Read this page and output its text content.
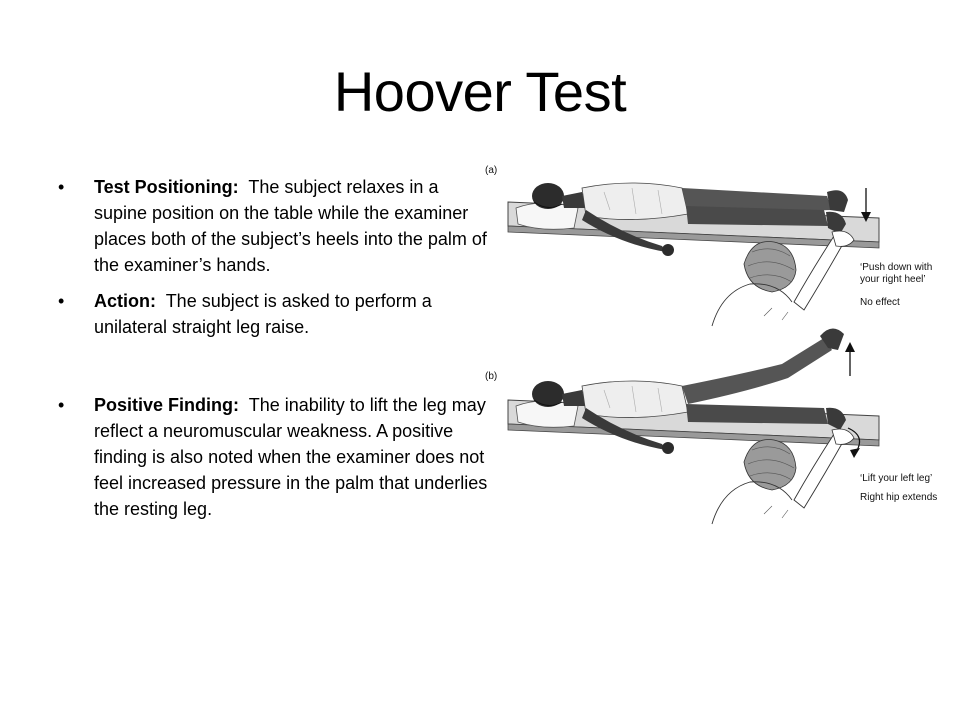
Hoover Test
•	Test Positioning: The subject relaxes in a supine position on the table while the examiner places both of the subject’s heels into the palm of the examiner’s hands.
•	Action: The subject is asked to perform a unilateral straight leg raise.
•	Positive Finding: The inability to lift the leg may reflect a neuromuscular weakness. A positive finding is also noted when the examiner does not feel increased pressure in the palm that underlies the resting leg.
(a)
‘Push down with your right heel’
No effect
(b)
‘Lift your left leg’
Right hip extends
